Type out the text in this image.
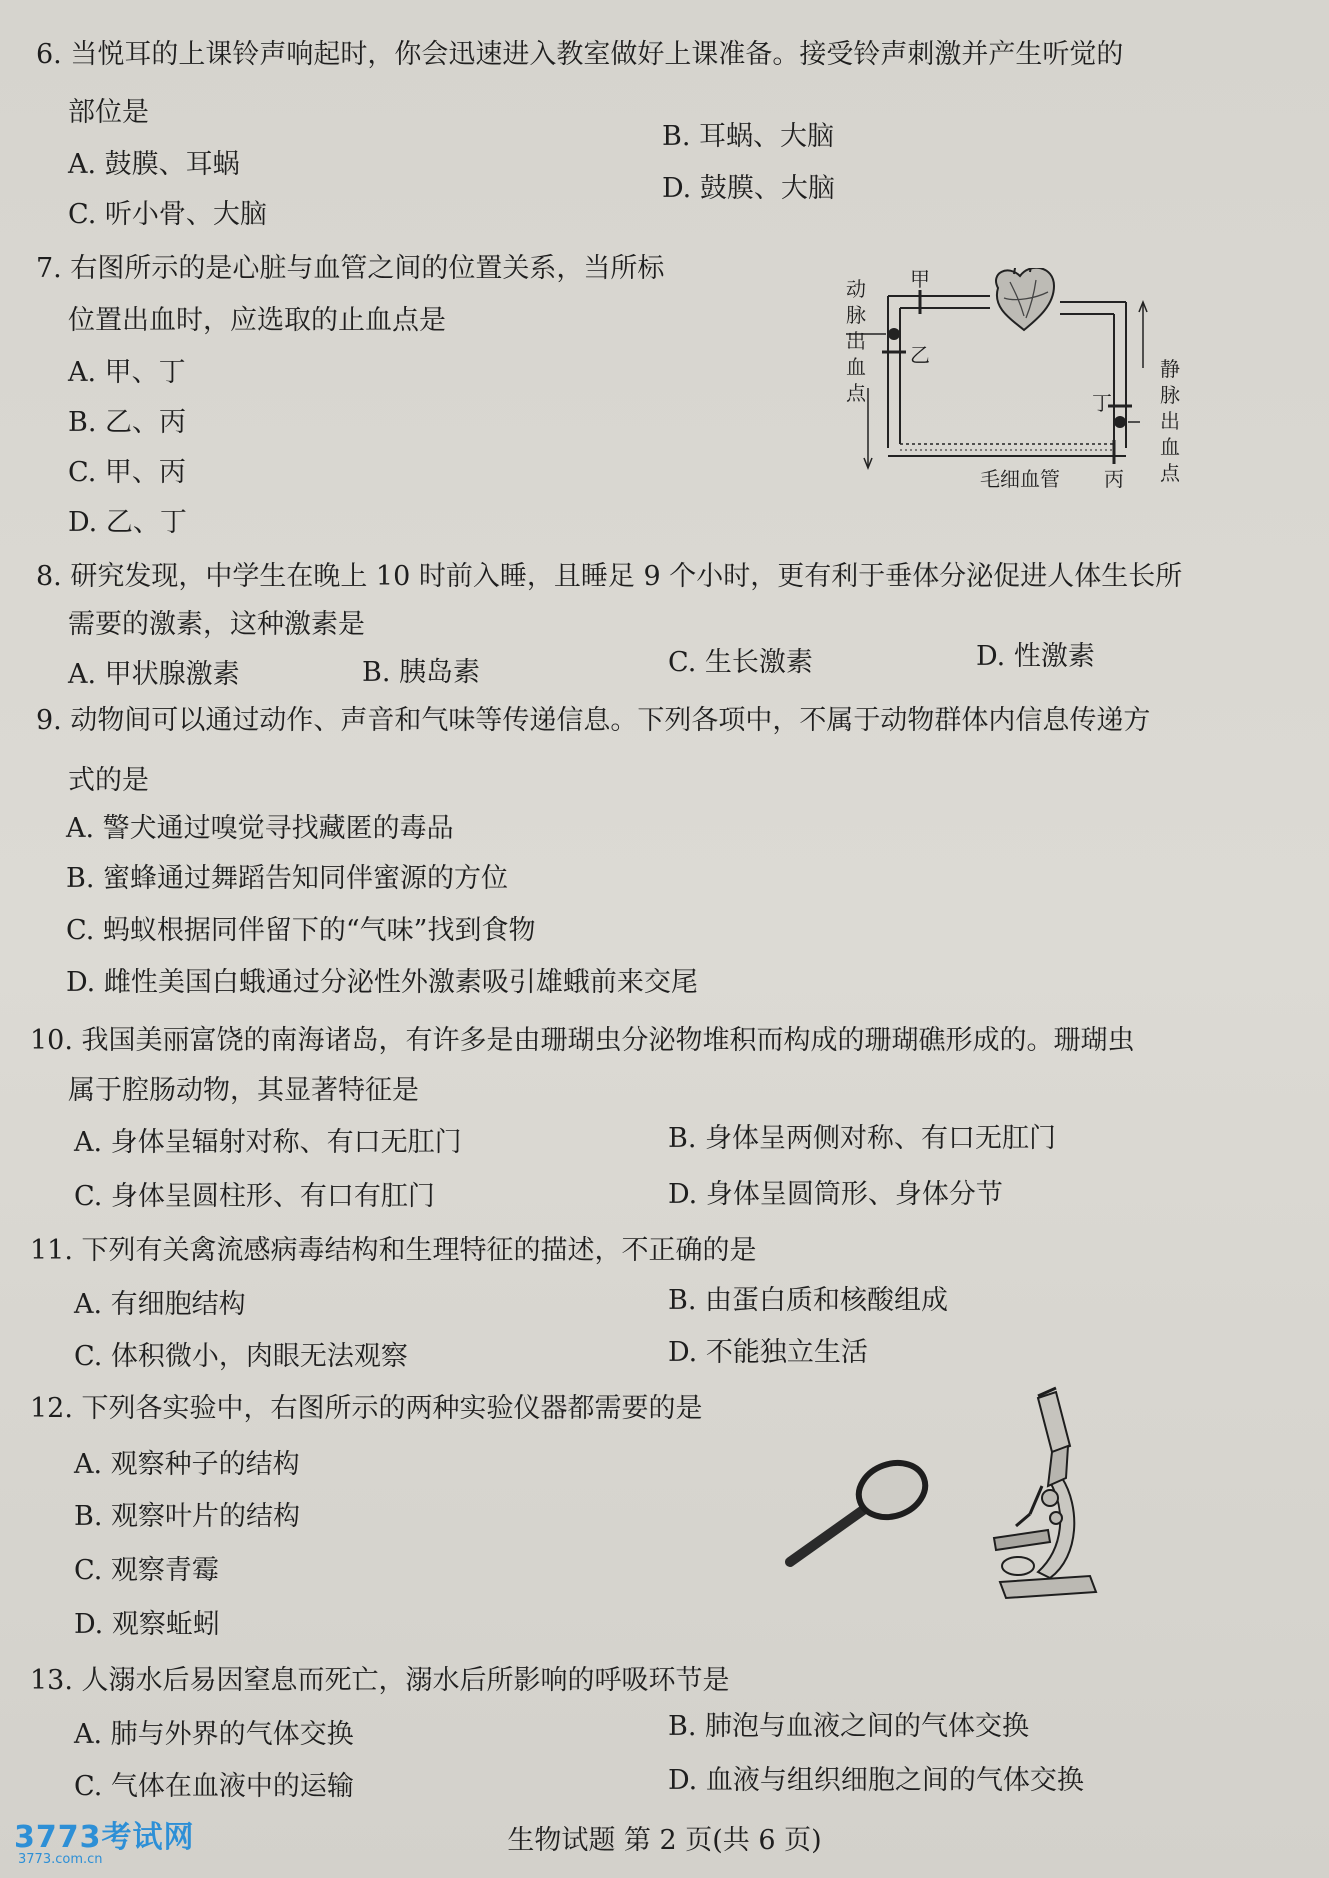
6. 当悦耳的上课铃声响起时，你会迅速进入教室做好上课准备。接受铃声刺激并产生听觉的
部位是
A. 鼓膜、耳蜗
B. 耳蜗、大脑
C. 听小骨、大脑
D. 鼓膜、大脑
7. 右图所示的是心脏与血管之间的位置关系，当所标
位置出血时，应选取的止血点是
A. 甲、丁
B. 乙、丙
C. 甲、丙
D. 乙、丁
动
脉
出
血
点
甲
乙
丁
丙
毛细血管
静
脉
出
血
点
8. 研究发现，中学生在晚上 10 时前入睡，且睡足 9 个小时，更有利于垂体分泌促进人体生长所
需要的激素，这种激素是
A. 甲状腺激素	B. 胰岛素	C. 生长激素	D. 性激素
9. 动物间可以通过动作、声音和气味等传递信息。下列各项中，不属于动物群体内信息传递方
式的是
A. 警犬通过嗅觉寻找藏匿的毒品
B. 蜜蜂通过舞蹈告知同伴蜜源的方位
C. 蚂蚁根据同伴留下的“气味”找到食物
D. 雌性美国白蛾通过分泌性外激素吸引雄蛾前来交尾
10. 我国美丽富饶的南海诸岛，有许多是由珊瑚虫分泌物堆积而构成的珊瑚礁形成的。珊瑚虫
属于腔肠动物，其显著特征是
A. 身体呈辐射对称、有口无肛门	B. 身体呈两侧对称、有口无肛门
C. 身体呈圆柱形、有口有肛门	D. 身体呈圆筒形、身体分节
11. 下列有关禽流感病毒结构和生理特征的描述，不正确的是
A. 有细胞结构	B. 由蛋白质和核酸组成
C. 体积微小，肉眼无法观察	D. 不能独立生活
12. 下列各实验中，右图所示的两种实验仪器都需要的是
A. 观察种子的结构
B. 观察叶片的结构
C. 观察青霉
D. 观察蚯蚓
13. 人溺水后易因窒息而死亡，溺水后所影响的呼吸环节是
A. 肺与外界的气体交换	B. 肺泡与血液之间的气体交换
C. 气体在血液中的运输	D. 血液与组织细胞之间的气体交换
生物试题 第 2 页(共 6 页)
3773考试网
3773.com.cn
